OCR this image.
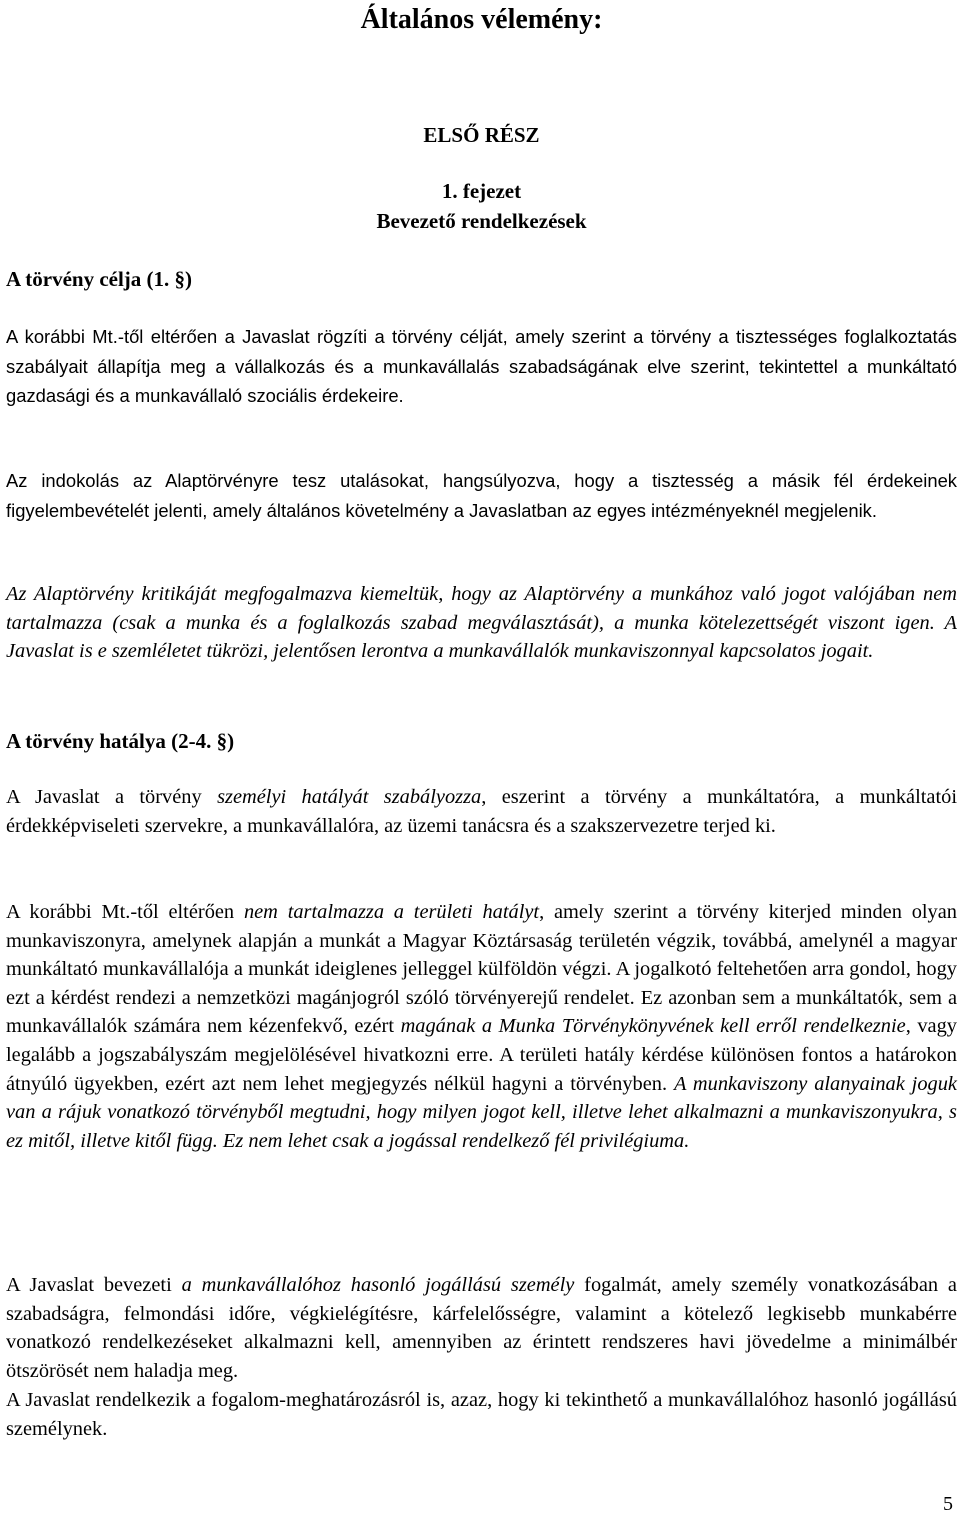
Általános vélemény:

ELSŐ RÉSZ

1. fejezet
Bevezető rendelkezések

A törvény célja (1. §)

A korábbi Mt.-től eltérően a Javaslat rögzíti a törvény célját, amely szerint a törvény a tisztességes foglalkoztatás szabályait állapítja meg a vállalkozás és a munkavállalás szabadságának elve szerint, tekintettel a munkáltató gazdasági és a munkavállaló szociális érdekeire.

Az indokolás az Alaptörvényre tesz utalásokat, hangsúlyozva, hogy a tisztesség a másik fél érdekeinek figyelembevételét jelenti, amely általános követelmény a Javaslatban az egyes intézményeknél megjelenik.

Az Alaptörvény kritikáját megfogalmazva kiemeltük, hogy az Alaptörvény a munkához való jogot valójában nem tartalmazza (csak a munka és a foglalkozás szabad megválasztását), a munka kötelezettségét viszont igen. A Javaslat is e szemléletet tükrözi, jelentősen lerontva a munkavállalók munkaviszonnyal kapcsolatos jogait.

A törvény hatálya (2-4. §)

A Javaslat a törvény személyi hatályát szabályozza, eszerint a törvény a munkáltatóra, a munkáltatói érdekképviseleti szervekre, a munkavállalóra, az üzemi tanácsra és a szakszervezetre terjed ki.

A korábbi Mt.-től eltérően nem tartalmazza a területi hatályt, amely szerint a törvény kiterjed minden olyan munkaviszonyra, amelynek alapján a munkát a Magyar Köztársaság területén végzik, továbbá, amelynél a magyar munkáltató munkavállalója a munkát ideiglenes jelleggel külföldön végzi. A jogalkotó feltehetően arra gondol, hogy ezt a kérdést rendezi a nemzetközi magánjogról szóló törvényerejű rendelet. Ez azonban sem a munkáltatók, sem a munkavállalók számára nem kézenfekvő, ezért magának a Munka Törvénykönyvének kell erről rendelkeznie, vagy legalább a jogszabályszám megjelölésével hivatkozni erre. A területi hatály kérdése különösen fontos a határokon átnyúló ügyekben, ezért azt nem lehet megjegyzés nélkül hagyni a törvényben. A munkaviszony alanyainak joguk van a rájuk vonatkozó törvényből megtudni, hogy milyen jogot kell, illetve lehet alkalmazni a munkaviszonyukra, s ez mitől, illetve kitől függ. Ez nem lehet csak a jogással rendelkező fél privilégiuma.

A Javaslat bevezeti a munkavállalóhoz hasonló jogállású személy fogalmát, amely személy vonatkozásában a szabadságra, felmondási időre, végkielégítésre, kárfelelősségre, valamint a kötelező legkisebb munkabérre vonatkozó rendelkezéseket alkalmazni kell, amennyiben az érintett rendszeres havi jövedelme a minimálbér ötszörösét nem haladja meg.

A Javaslat rendelkezik a fogalom-meghatározásról is, azaz, hogy ki tekinthető a munkavállalóhoz hasonló jogállású személynek.

5
